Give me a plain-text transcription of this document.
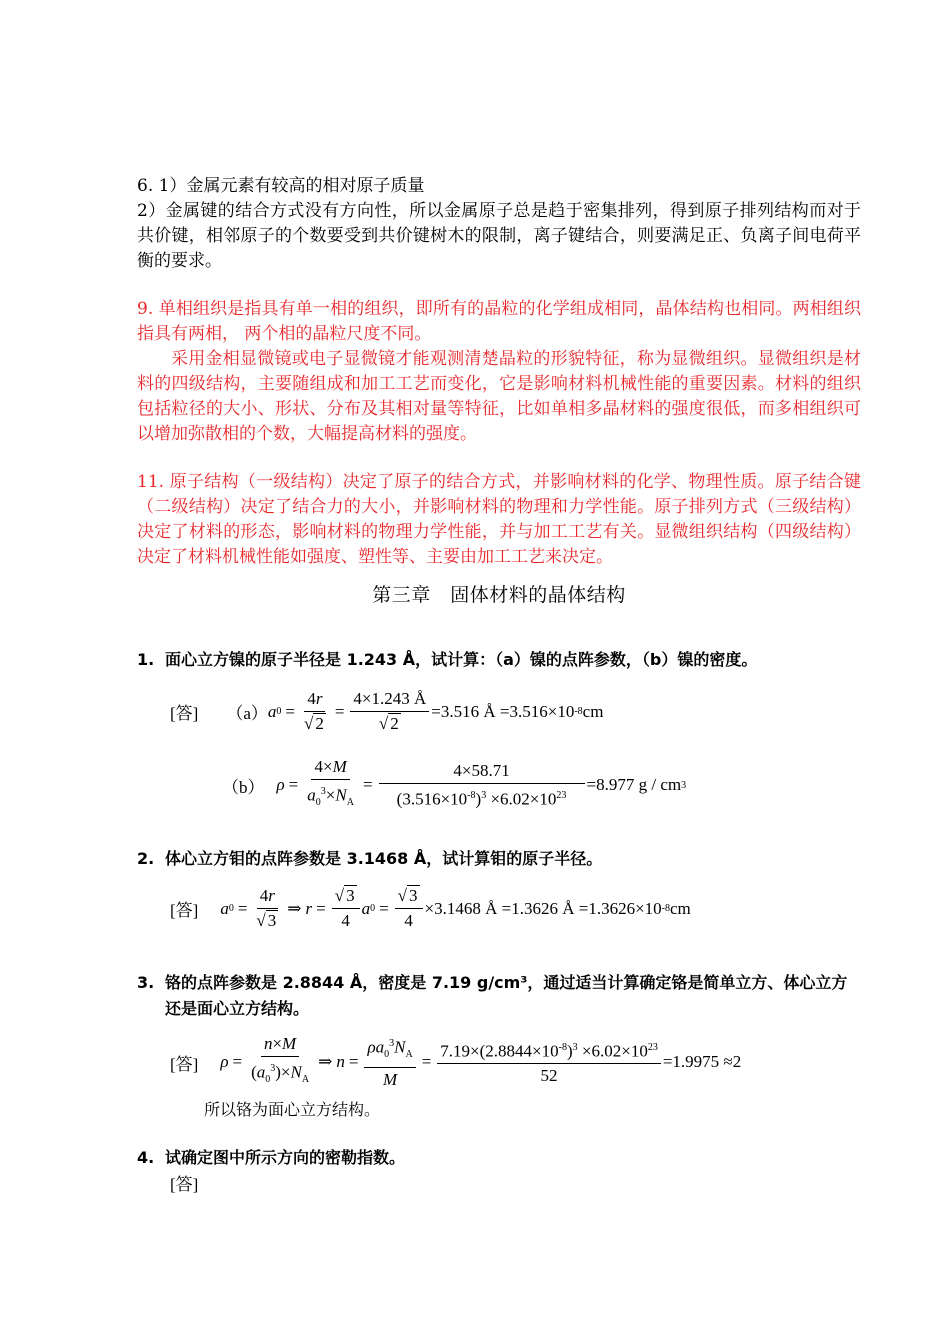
6. 1）金属元素有较高的相对原子质量

2）金属键的结合方式没有方向性，所以金属原子总是趋于密集排列，得到原子排列结构而对于共价键，相邻原子的个数要受到共价键树木的限制，离子键结合，则要满足正、负离子间电荷平衡的要求。

9. 单相组织是指具有单一相的组织，即所有的晶粒的化学组成相同，晶体结构也相同。两相组织指具有两相， 两个相的晶粒尺度不同。

采用金相显微镜或电子显微镜才能观测清楚晶粒的形貌特征，称为显微组织。显微组织是材料的四级结构，主要随组成和加工工艺而变化，它是影响材料机械性能的重要因素。材料的组织包括粒径的大小、形状、分布及其相对量等特征，比如单相多晶材料的强度很低，而多相组织可以增加弥散相的个数，大幅提高材料的强度。

11. 原子结构（一级结构）决定了原子的结合方式，并影响材料的化学、物理性质。原子结合键（二级结构）决定了结合力的大小，并影响材料的物理和力学性能。原子排列方式（三级结构）决定了材料的形态，影响材料的物理力学性能，并与加工工艺有关。显微组织结构（四级结构）决定了材料机械性能如强度、塑性等、主要由加工工艺来决定。

第三章　固体材料的晶体结构
1. 面心立方镍的原子半径是 1.243 Å，试计算：（a）镍的点阵参数，（b）镍的密度。
[答] （a） a $0 = \frac{4r}{√ 2} = \frac{4\times 1.243 Å}{√ 2} =3.516$ Å =3.516×10 -8 cm
（b） $\rho = \frac{4\times M}{a_0^3\times N_A} = \frac{4\times 58.71}{(3.516\times 10^{-8})^3 \times 6.02\times 10^{23}} =8.977$ g / cm 3
2. 体心立方钼的点阵参数是 3.1468 Å，试计算钼的原子半径。
[答] a $0 = \frac{4r}{√ 3}$ ⇒ $r = \frac{√ 3}{4}$ a $0 = \frac{√ 3}{4} \times 3.1468$ Å =1.3626 Å =1.3626×10 -8 cm
3. 铬的点阵参数是 2.8844 Å，密度是 7.19 g/cm³，通过适当计算确定铬是简单立方、体心立方还是面心立方结构。
[答] $\rho = \frac{n\times M}{(a_0^3)\times N_A}$ ⇒ $n = \frac{\rho a_0^3N_A}{M} = \frac{7.19\times(2.8844\times 10^{-8})^3 \times 6.02\times 10^{23}}{52} =1.9975 \approx 2$
所以铬为面心立方结构。
4. 试确定图中所示方向的密勒指数。
[答]
